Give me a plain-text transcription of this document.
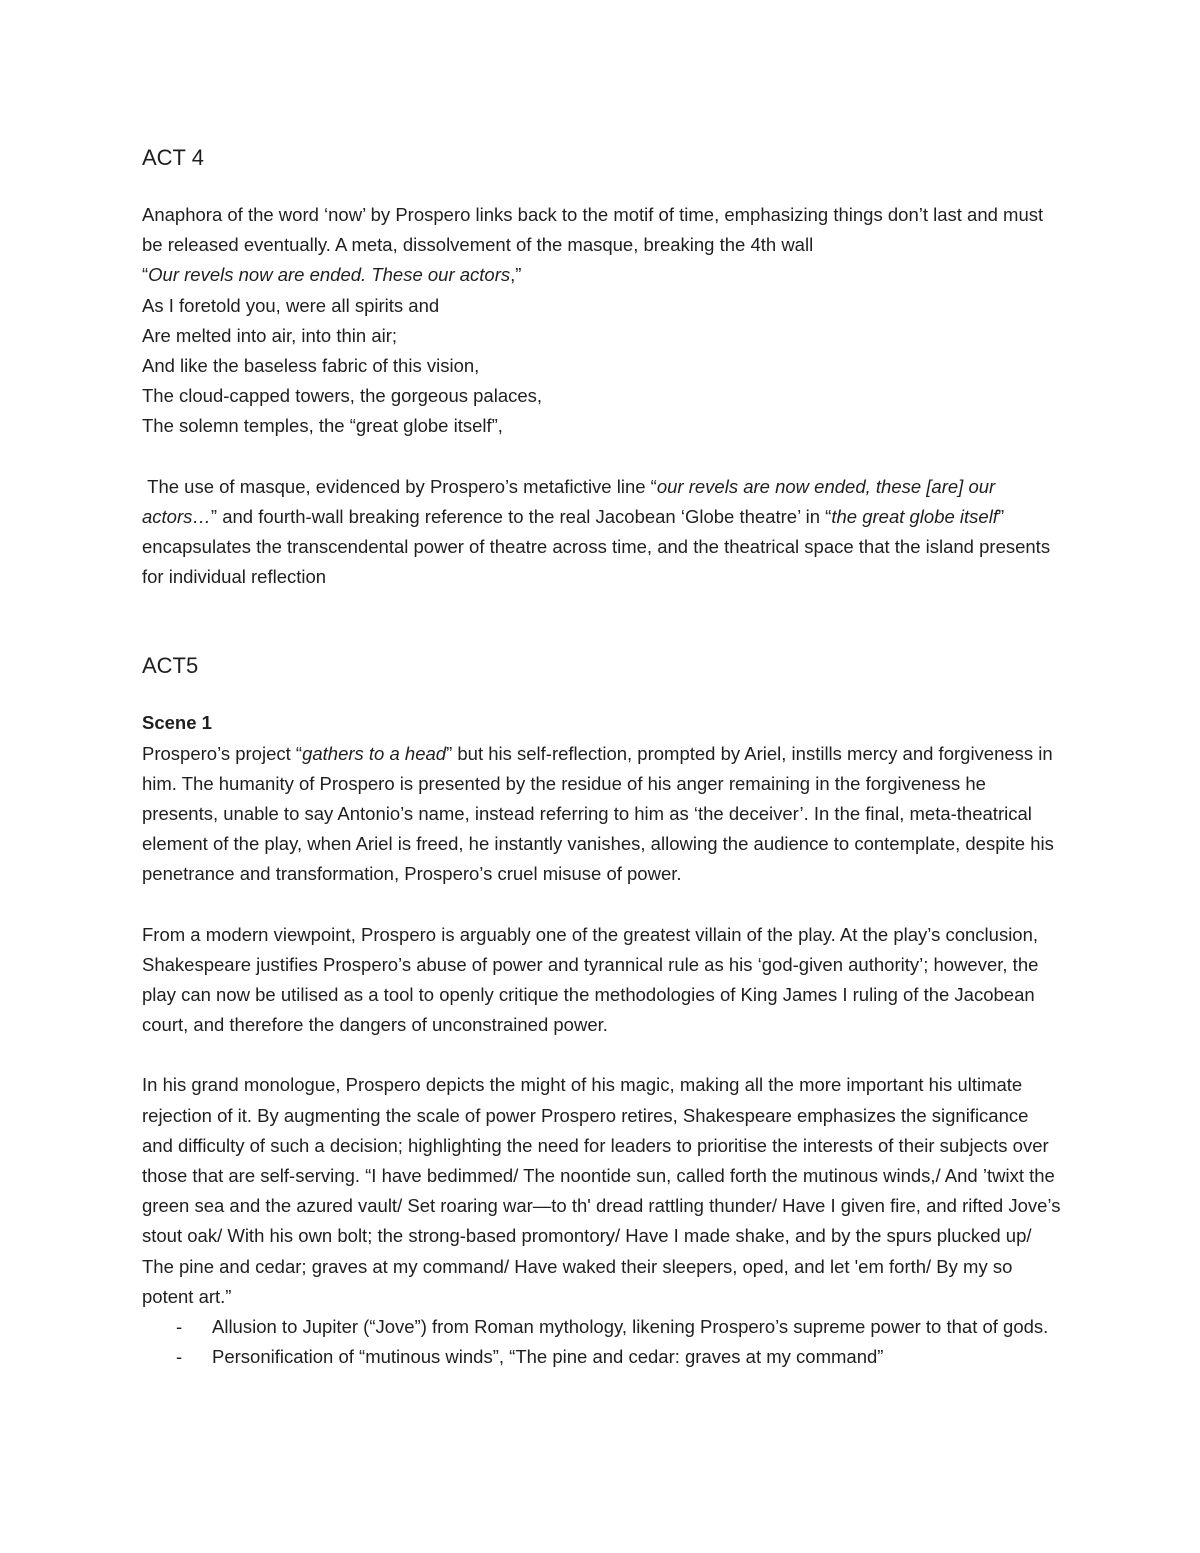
ACT 4

Anaphora of the word ‘now’ by Prospero links back to the motif of time, emphasizing things don’t last and must be released eventually. A meta, dissolvement of the masque, breaking the 4th wall

“Our revels now are ended. These our actors,”

As I foretold you, were all spirits and

Are melted into air, into thin air;

And like the baseless fabric of this vision,

The cloud-capped towers, the gorgeous palaces,

The solemn temples, the “great globe itself”,

The use of masque, evidenced by Prospero’s metafictive line “our revels are now ended, these [are] our actors…” and fourth-wall breaking reference to the real Jacobean ‘Globe theatre’ in “the great globe itself” encapsulates the transcendental power of theatre across time, and the theatrical space that the island presents for individual reflection

ACT5

Scene 1

Prospero’s project “gathers to a head” but his self-reflection, prompted by Ariel, instills mercy and forgiveness in him. The humanity of Prospero is presented by the residue of his anger remaining in the forgiveness he presents, unable to say Antonio’s name, instead referring to him as ‘the deceiver’. In the final, meta-theatrical element of the play, when Ariel is freed, he instantly vanishes, allowing the audience to contemplate, despite his penetrance and transformation, Prospero’s cruel misuse of power.

From a modern viewpoint, Prospero is arguably one of the greatest villain of the play. At the play’s conclusion, Shakespeare justifies Prospero’s abuse of power and tyrannical rule as his ‘god-given authority’; however, the play can now be utilised as a tool to openly critique the methodologies of King James I ruling of the Jacobean court, and therefore the dangers of unconstrained power.

In his grand monologue, Prospero depicts the might of his magic, making all the more important his ultimate rejection of it. By augmenting the scale of power Prospero retires, Shakespeare emphasizes the significance and difficulty of such a decision; highlighting the need for leaders to prioritise the interests of their subjects over those that are self-serving. “I have bedimmed/ The noontide sun, called forth the mutinous winds,/ And ’twixt the green sea and the azured vault/ Set roaring war—to th' dread rattling thunder/ Have I given fire, and rifted Jove’s stout oak/ With his own bolt; the strong-based promontory/ Have I made shake, and by the spurs plucked up/ The pine and cedar; graves at my command/ Have waked their sleepers, oped, and let 'em forth/ By my so potent art.”

- Allusion to Jupiter (“Jove”) from Roman mythology, likening Prospero’s supreme power to that of gods.
- Personification of “mutinous winds”, “The pine and cedar: graves at my command”
